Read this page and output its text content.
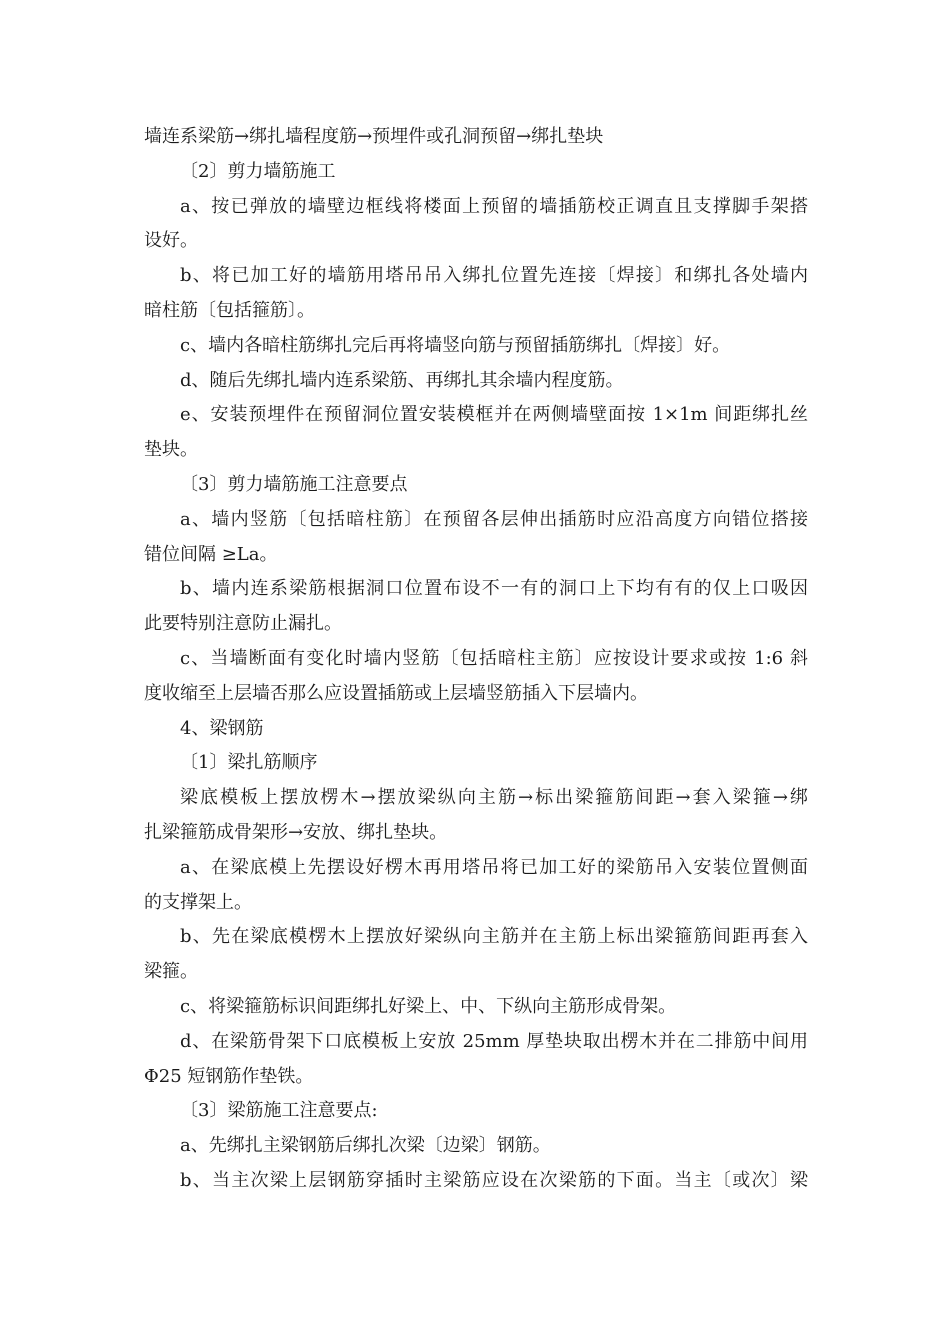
墙连系梁筋→绑扎墙程度筋→预埋件或孔洞预留→绑扎垫块
〔2〕剪力墙筋施工
a、按已弹放的墙壁边框线将楼面上预留的墙插筋校正调直且支撑脚手架搭
设好。
b、将已加工好的墙筋用塔吊吊入绑扎位置先连接〔焊接〕和绑扎各处墙内
暗柱筋〔包括箍筋〕。
c、墙内各暗柱筋绑扎完后再将墙竖向筋与预留插筋绑扎〔焊接〕好。
d、随后先绑扎墙内连系梁筋、再绑扎其余墙内程度筋。
e、安装预埋件在预留洞位置安装模框并在两侧墙壁面按 1×1m 间距绑扎丝
垫块。
〔3〕剪力墙筋施工注意要点
a、墙内竖筋〔包括暗柱筋〕在预留各层伸出插筋时应沿高度方向错位搭接
错位间隔 ≥La。
b、墙内连系梁筋根据洞口位置布设不一有的洞口上下均有有的仅上口吸因
此要特别注意防止漏扎。
c、当墙断面有变化时墙内竖筋〔包括暗柱主筋〕应按设计要求或按 1:6 斜
度收缩至上层墙否那么应设置插筋或上层墙竖筋插入下层墙内。
4、梁钢筋
〔1〕梁扎筋顺序
梁底模板上摆放楞木→摆放梁纵向主筋→标出梁箍筋间距→套入梁箍→绑
扎梁箍筋成骨架形→安放、绑扎垫块。
a、在梁底模上先摆设好楞木再用塔吊将已加工好的梁筋吊入安装位置侧面
的支撑架上。
b、先在梁底模楞木上摆放好梁纵向主筋并在主筋上标出梁箍筋间距再套入
梁箍。
c、将梁箍筋标识间距绑扎好梁上、中、下纵向主筋形成骨架。
d、在梁筋骨架下口底模板上安放 25mm 厚垫块取出楞木并在二排筋中间用
Φ25 短钢筋作垫铁。
〔3〕梁筋施工注意要点:
a、先绑扎主梁钢筋后绑扎次梁〔边梁〕钢筋。
b、当主次梁上层钢筋穿插时主梁筋应设在次梁筋的下面。当主〔或次〕梁
